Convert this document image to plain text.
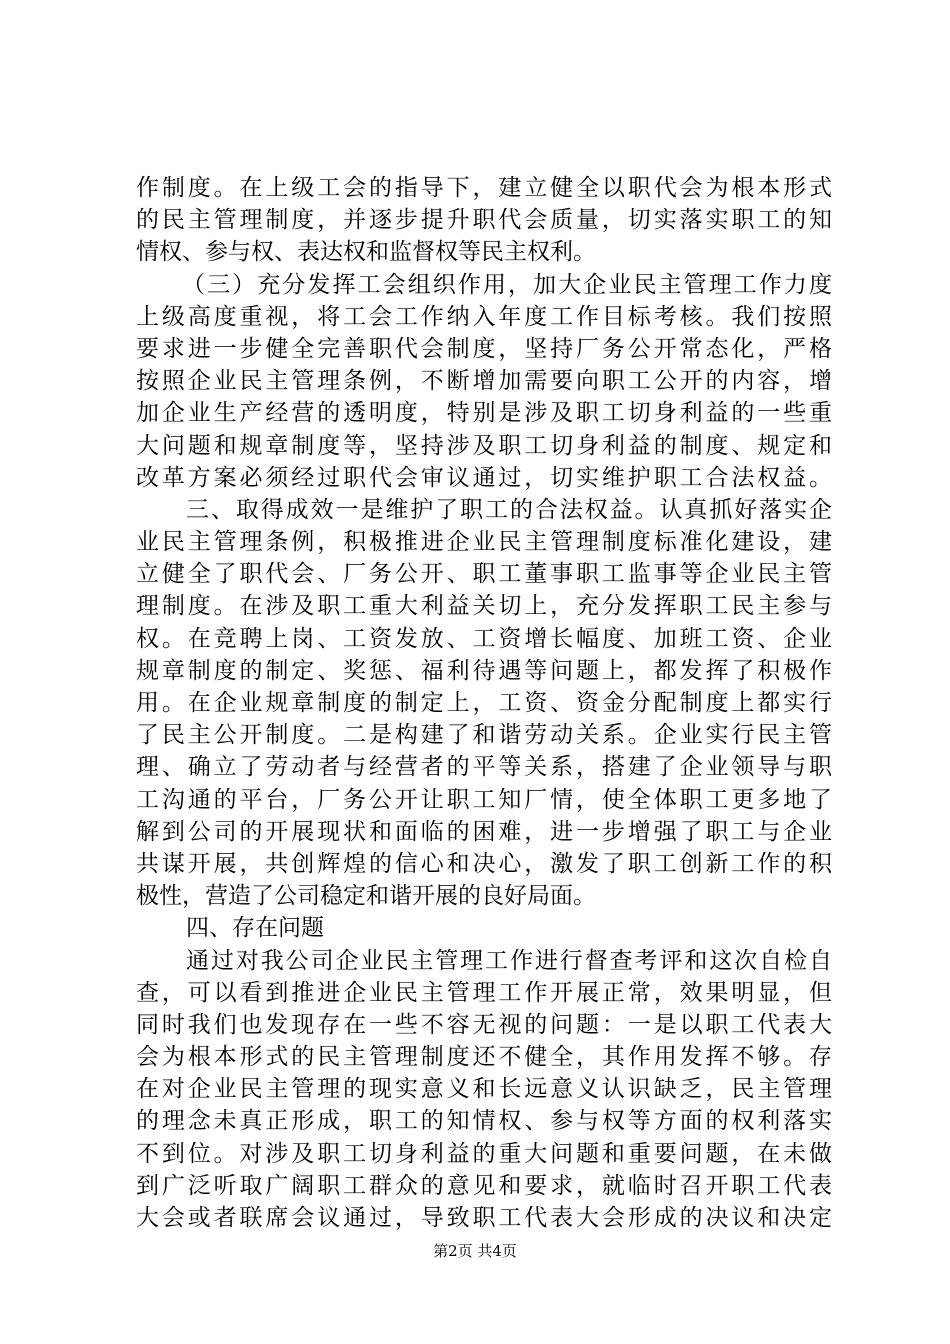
作制度。在上级工会的指导下，建立健全以职代会为根本形式
的民主管理制度，并逐步提升职代会质量，切实落实职工的知
情权、参与权、表达权和监督权等民主权利。
（三）充分发挥工会组织作用，加大企业民主管理工作力度
上级高度重视，将工会工作纳入年度工作目标考核。我们按照
要求进一步健全完善职代会制度，坚持厂务公开常态化，严格
按照企业民主管理条例，不断增加需要向职工公开的内容，增
加企业生产经营的透明度，特别是涉及职工切身利益的一些重
大问题和规章制度等，坚持涉及职工切身利益的制度、规定和
改革方案必须经过职代会审议通过，切实维护职工合法权益。
三、取得成效一是维护了职工的合法权益。认真抓好落实企
业民主管理条例，积极推进企业民主管理制度标准化建设，建
立健全了职代会、厂务公开、职工董事职工监事等企业民主管
理制度。在涉及职工重大利益关切上，充分发挥职工民主参与
权。在竞聘上岗、工资发放、工资增长幅度、加班工资、企业
规章制度的制定、奖惩、福利待遇等问题上，都发挥了积极作
用。在企业规章制度的制定上，工资、资金分配制度上都实行
了民主公开制度。二是构建了和谐劳动关系。企业实行民主管
理、确立了劳动者与经营者的平等关系，搭建了企业领导与职
工沟通的平台，厂务公开让职工知厂情，使全体职工更多地了
解到公司的开展现状和面临的困难，进一步增强了职工与企业
共谋开展，共创辉煌的信心和决心，激发了职工创新工作的积
极性，营造了公司稳定和谐开展的良好局面。
四、存在问题
通过对我公司企业民主管理工作进行督查考评和这次自检自
查，可以看到推进企业民主管理工作开展正常，效果明显，但
同时我们也发现存在一些不容无视的问题：一是以职工代表大
会为根本形式的民主管理制度还不健全，其作用发挥不够。存
在对企业民主管理的现实意义和长远意义认识缺乏，民主管理
的理念未真正形成，职工的知情权、参与权等方面的权利落实
不到位。对涉及职工切身利益的重大问题和重要问题，在未做
到广泛听取广阔职工群众的意见和要求，就临时召开职工代表
大会或者联席会议通过，导致职工代表大会形成的决议和决定
第2页 共4页
